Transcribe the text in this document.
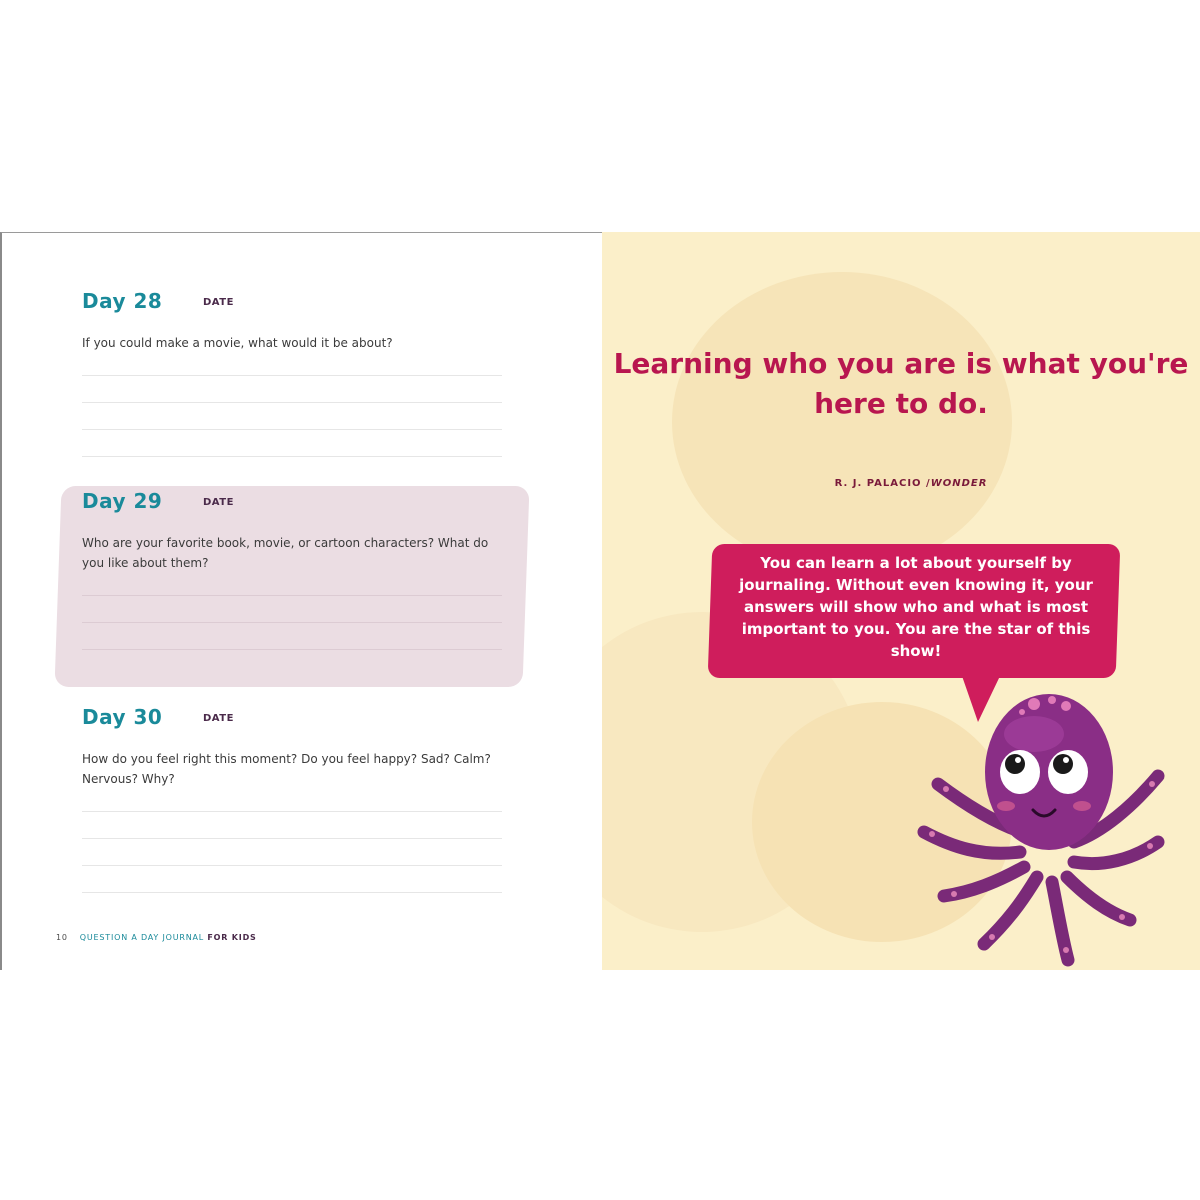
Day 28	DATE
If you could make a movie, what would it be about?
Day 29	DATE
Who are your favorite book, movie, or cartoon characters? What do you like about them?
Day 30	DATE
How do you feel right this moment? Do you feel happy? Sad? Calm? Nervous? Why?
10 QUESTION A DAY JOURNAL FOR KIDS
Learning who you are is what you're here to do.
R. J. PALACIO /WONDER
You can learn a lot about yourself by journaling. Without even knowing it, your answers will show who and what is most important to you. You are the star of this show!
